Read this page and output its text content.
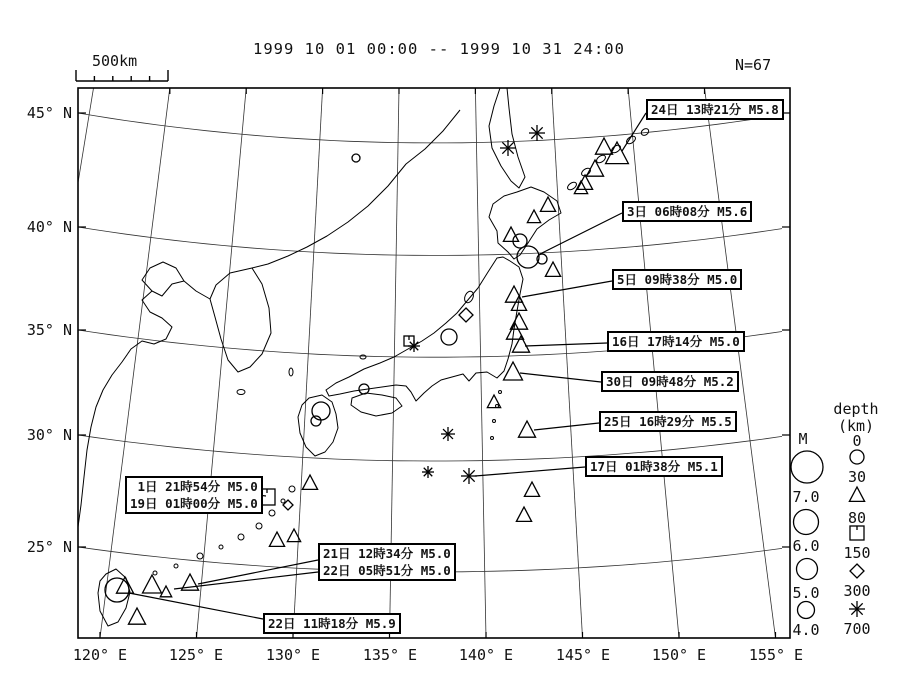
1999 10 01 00:00 -- 1999 10 31 24:00
N=67
500km
45° N
40° N
35° N
30° N
25° N
120° E	125° E	130° E	135° E	140° E	145° E	150° E	155° E
depth
(km)
0
30
80
150
300
700
M
7.0
6.0
5.0
4.0
24日 13時21分 M5.8
3日 06時08分 M5.6
5日 09時38分 M5.0
16日 17時14分 M5.0
30日 09時48分 M5.2
25日 16時29分 M5.5
17日 01時38分 M5.1
1日 21時54分 M5.0
19日 01時00分 M5.0
21日 12時34分 M5.0
22日 05時51分 M5.0
22日 11時18分 M5.9
